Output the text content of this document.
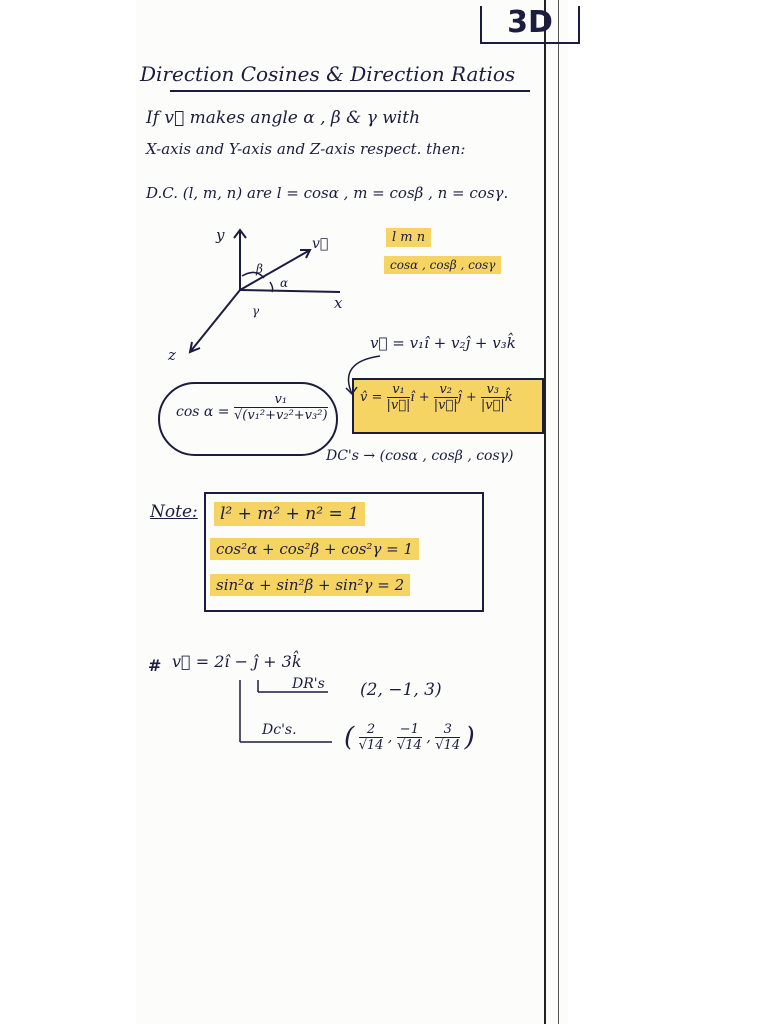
3D
Direction Cosines & Direction Ratios
If v⃗ makes angle α , β & γ with
X-axis and Y-axis and Z-axis respect. then:
D.C. (l, m, n) are l = cosα , m = cosβ , n = cosγ.
y
x
z
v⃗
β
α
γ
l m n
cosα , cosβ , cosγ
v⃗ = v₁î + v₂ĵ + v₃k̂
$\cos \alpha = \frac{\text{v₁}}{\text{√(v₁²+v₂²+v₃²)}}$ v̂ = $\frac{\text{v₁}}{|v⃗|}$ î + $\frac{\text{v₂}}{|v⃗|}$ ĵ + $\frac{\text{v₃}}{|v⃗|}$ k̂
DC's → (cosα , cosβ , cosγ)
Note:	l² + m² + n² = 1
cos²α + cos²β + cos²γ = 1
sin²α + sin²β + sin²γ = 2
# v⃗ = 2î − ĵ + 3k̂
DR's (2, −1, 3)
Dc's. ( $\frac{2}{√14}$ , $\frac{-1}{√14}$ , $\frac{3}{√14}$ )
